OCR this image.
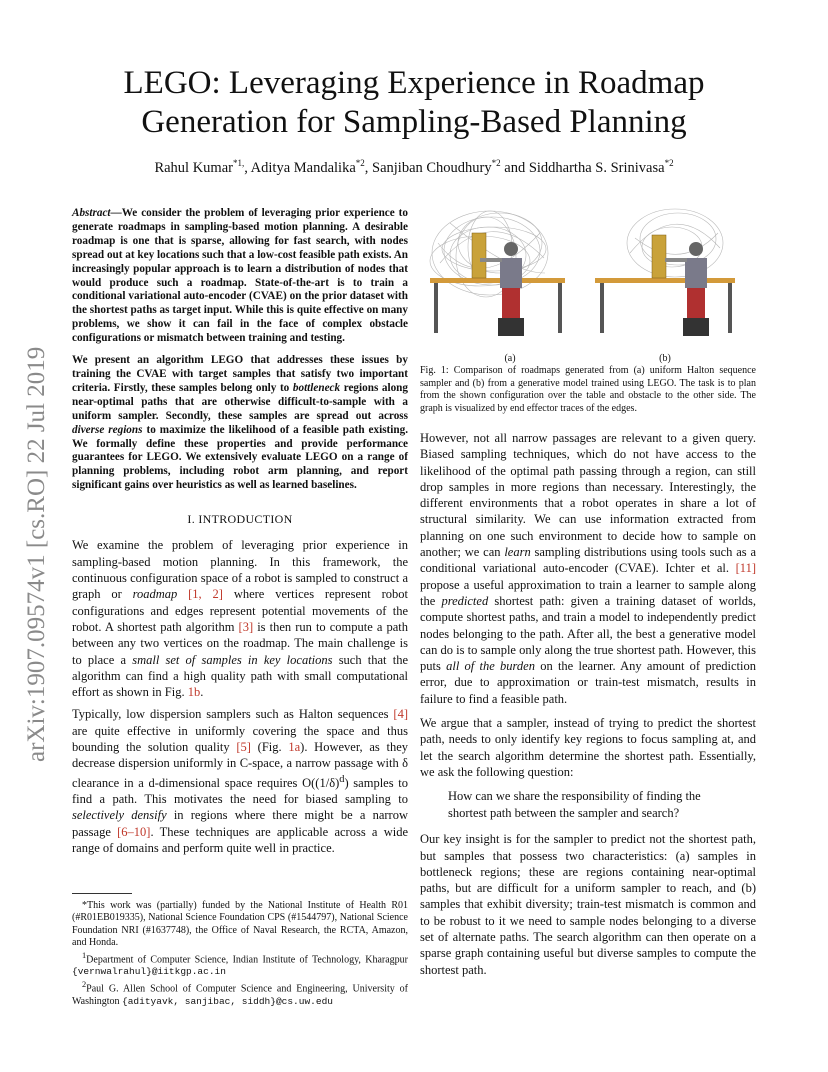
arXiv:1907.09574v1 [cs.RO] 22 Jul 2019
LEGO: Leveraging Experience in Roadmap
Generation for Sampling-Based Planning
Rahul Kumar$^{*1,}$, Aditya Mandalika$^{*2}$, Sanjiban Choudhury$^{*2}$ and Siddhartha S. Srinivasa$^{*2}$

Abstract—We consider the problem of leveraging prior experience to generate roadmaps in sampling-based motion planning. A desirable roadmap is one that is sparse, allowing for fast search, with nodes spread out at key locations such that a low-cost feasible path exists. An increasingly popular approach is to learn a distribution of nodes that would produce such a roadmap. State-of-the-art is to train a conditional variational auto-encoder (CVAE) on the prior dataset with the shortest paths as target input. While this is quite effective on many problems, we show it can fail in the face of complex obstacle configurations or mismatch between training and testing.

We present an algorithm LEGO that addresses these issues by training the CVAE with target samples that satisfy two important criteria. Firstly, these samples belong only to bottleneck regions along near-optimal paths that are otherwise difficult-to-sample with a uniform sampler. Secondly, these samples are spread out across diverse regions to maximize the likelihood of a feasible path existing. We formally define these properties and provide performance guarantees for LEGO. We extensively evaluate LEGO on a range of planning problems, including robot arm planning, and report significant gains over heuristics as well as learned baselines.

I. INTRODUCTION

We examine the problem of leveraging prior experience in sampling-based motion planning. In this framework, the continuous configuration space of a robot is sampled to construct a graph or roadmap [1, 2] where vertices represent robot configurations and edges represent potential movements of the robot. A shortest path algorithm [3] is then run to compute a path between any two vertices on the roadmap. The main challenge is to place a small set of samples in key locations such that the algorithm can find a high quality path with small computational effort as shown in Fig. 1b.

Typically, low dispersion samplers such as Halton sequences [4] are quite effective in uniformly covering the space and thus bounding the solution quality [5] (Fig. 1a). However, as they decrease dispersion uniformly in C-space, a narrow passage with δ clearance in a d-dimensional space requires $O((1/\delta)^d)$ samples to find a path. This motivates the need for biased sampling to selectively densify in regions where there might be a narrow passage [6–10]. These techniques are applicable across a wide range of domains and perform quite well in practice.

*This work was (partially) funded by the National Institute of Health R01 (#R01EB019335), National Science Foundation CPS (#1544797), National Science Foundation NRI (#1637748), the Office of Naval Research, the RCTA, Amazon, and Honda.
$^1$Department of Computer Science, Indian Institute of Technology, Kharagpur {vernwalrahul}@iitkgp.ac.in
$^2$Paul G. Allen School of Computer Science and Engineering, University of Washington {adityavk, sanjibac, siddh}@cs.uw.edu
(a)	(b)
Fig. 1: Comparison of roadmaps generated from (a) uniform Halton sequence sampler and (b) from a generative model trained using LEGO. The task is to plan from the shown configuration over the table and obstacle to the other side. The graph is visualized by end effector traces of the edges.

However, not all narrow passages are relevant to a given query. Biased sampling techniques, which do not have access to the likelihood of the optimal path passing through a region, can still drop samples in more regions than necessary. Interestingly, the different environments that a robot operates in share a lot of structural similarity. We can use information extracted from planning on one such environment to decide how to sample on another; we can learn sampling distributions using tools such as a conditional variational auto-encoder (CVAE). Ichter et al. [11] propose a useful approximation to train a learner to sample along the predicted shortest path: given a training dataset of worlds, compute shortest paths, and train a model to independently predict nodes belonging to the path. After all, the best a generative model can do is to sample only along the true shortest path. However, this puts all of the burden on the learner. Any amount of prediction error, due to approximation or train-test mismatch, results in failure to find a feasible path.

We argue that a sampler, instead of trying to predict the shortest path, needs to only identify key regions to focus sampling at, and let the search algorithm determine the shortest path. Essentially, we ask the following question:

How can we share the responsibility of finding the shortest path between the sampler and search?

Our key insight is for the sampler to predict not the shortest path, but samples that possess two characteristics: (a) samples in bottleneck regions; these are regions containing near-optimal paths, but are difficult for a uniform sampler to reach, and (b) samples that exhibit diversity; train-test mismatch is common and to be robust to it we need to sample nodes belonging to a diverse set of alternate paths. The search algorithm can then operate on a sparse graph containing useful but diverse samples to compute the shortest path.
